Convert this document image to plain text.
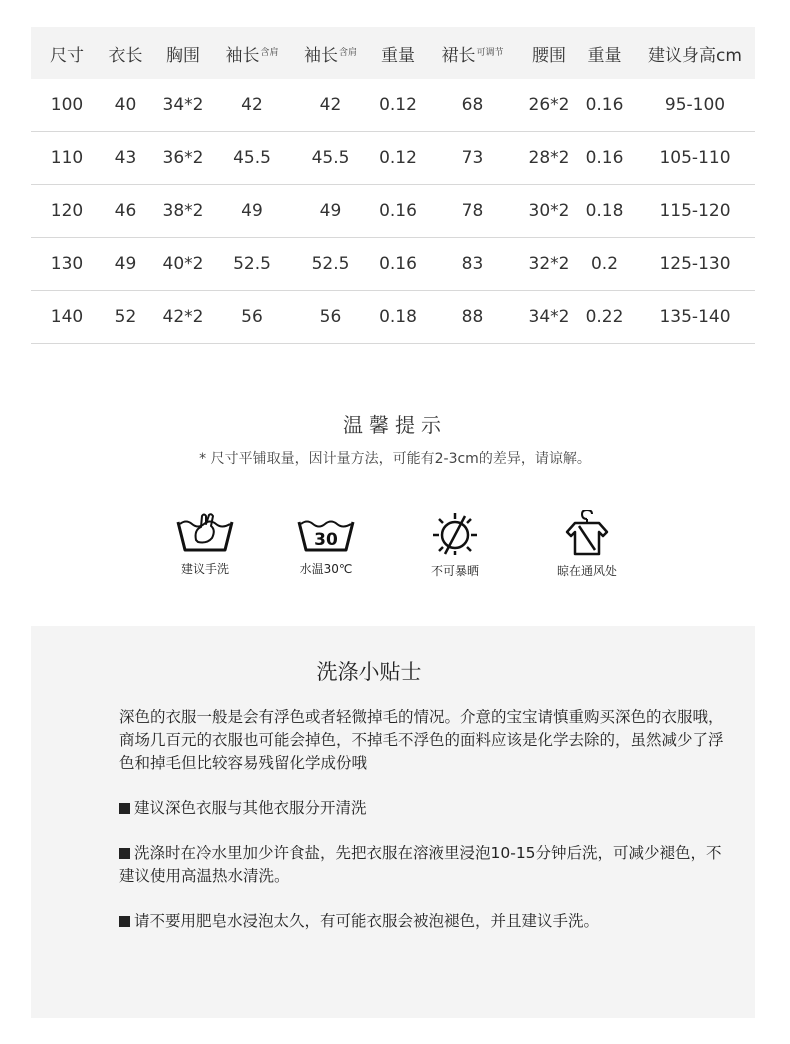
尺寸	衣长	胸围	袖长$^{含肩}$	袖长$^{含肩}$	重量	裙长$^{可调节}$	腰围	重量	建议身高cm
100	40	34*2	42	42	0.12	68	26*2	0.16	95-100
110	43	36*2	45.5	45.5	0.12	73	28*2	0.16	105-110
120	46	38*2	49	49	0.16	78	30*2	0.18	115-120
130	49	40*2	52.5	52.5	0.16	83	32*2	0.2	125-130
140	52	42*2	56	56	0.18	88	34*2	0.22	135-140
温馨提示
* 尺寸平铺取量，因计量方法，可能有2-3cm的差异，请谅解。
建议手洗
30
水温30℃	不可暴晒	晾在通风处
洗涤小贴士

深色的衣服一般是会有浮色或者轻微掉毛的情况。介意的宝宝请慎重购买深色的衣服哦，商场几百元的衣服也可能会掉色，不掉毛不浮色的面料应该是化学去除的，虽然减少了浮色和掉毛但比较容易残留化学成份哦

建议深色衣服与其他衣服分开清洗

洗涤时在冷水里加少许食盐，先把衣服在溶液里浸泡10-15分钟后洗，可减少褪色，不建议使用高温热水清洗。

请不要用肥皂水浸泡太久，有可能衣服会被泡褪色，并且建议手洗。
